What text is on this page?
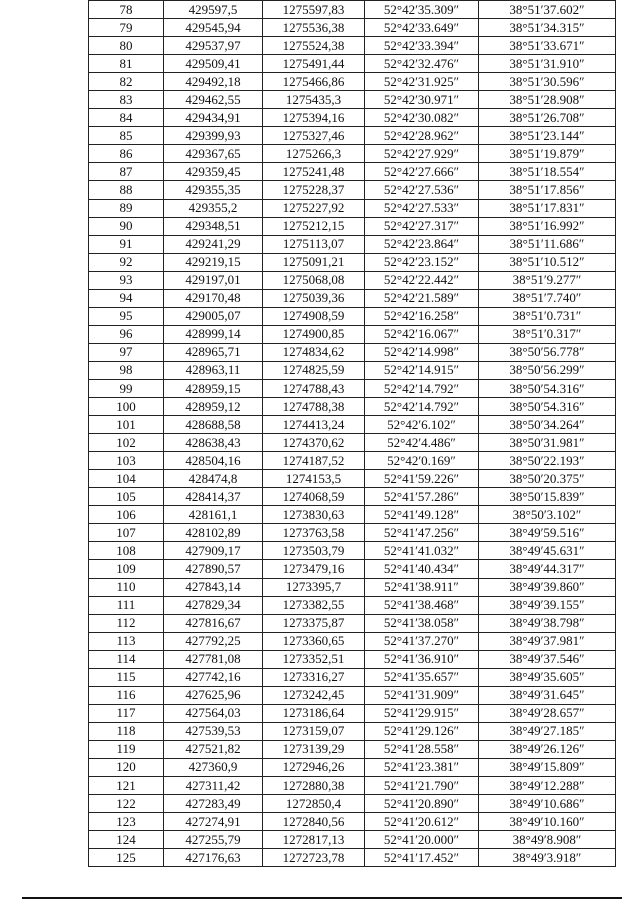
78	429597,5	1275597,83	52°42′35.309″	38°51′37.602″
79	429545,94	1275536,38	52°42′33.649″	38°51′34.315″
80	429537,97	1275524,38	52°42′33.394″	38°51′33.671″
81	429509,41	1275491,44	52°42′32.476″	38°51′31.910″
82	429492,18	1275466,86	52°42′31.925″	38°51′30.596″
83	429462,55	1275435,3	52°42′30.971″	38°51′28.908″
84	429434,91	1275394,16	52°42′30.082″	38°51′26.708″
85	429399,93	1275327,46	52°42′28.962″	38°51′23.144″
86	429367,65	1275266,3	52°42′27.929″	38°51′19.879″
87	429359,45	1275241,48	52°42′27.666″	38°51′18.554″
88	429355,35	1275228,37	52°42′27.536″	38°51′17.856″
89	429355,2	1275227,92	52°42′27.533″	38°51′17.831″
90	429348,51	1275212,15	52°42′27.317″	38°51′16.992″
91	429241,29	1275113,07	52°42′23.864″	38°51′11.686″
92	429219,15	1275091,21	52°42′23.152″	38°51′10.512″
93	429197,01	1275068,08	52°42′22.442″	38°51′9.277″
94	429170,48	1275039,36	52°42′21.589″	38°51′7.740″
95	429005,07	1274908,59	52°42′16.258″	38°51′0.731″
96	428999,14	1274900,85	52°42′16.067″	38°51′0.317″
97	428965,71	1274834,62	52°42′14.998″	38°50′56.778″
98	428963,11	1274825,59	52°42′14.915″	38°50′56.299″
99	428959,15	1274788,43	52°42′14.792″	38°50′54.316″
100	428959,12	1274788,38	52°42′14.792″	38°50′54.316″
101	428688,58	1274413,24	52°42′6.102″	38°50′34.264″
102	428638,43	1274370,62	52°42′4.486″	38°50′31.981″
103	428504,16	1274187,52	52°42′0.169″	38°50′22.193″
104	428474,8	1274153,5	52°41′59.226″	38°50′20.375″
105	428414,37	1274068,59	52°41′57.286″	38°50′15.839″
106	428161,1	1273830,63	52°41′49.128″	38°50′3.102″
107	428102,89	1273763,58	52°41′47.256″	38°49′59.516″
108	427909,17	1273503,79	52°41′41.032″	38°49′45.631″
109	427890,57	1273479,16	52°41′40.434″	38°49′44.317″
110	427843,14	1273395,7	52°41′38.911″	38°49′39.860″
111	427829,34	1273382,55	52°41′38.468″	38°49′39.155″
112	427816,67	1273375,87	52°41′38.058″	38°49′38.798″
113	427792,25	1273360,65	52°41′37.270″	38°49′37.981″
114	427781,08	1273352,51	52°41′36.910″	38°49′37.546″
115	427742,16	1273316,27	52°41′35.657″	38°49′35.605″
116	427625,96	1273242,45	52°41′31.909″	38°49′31.645″
117	427564,03	1273186,64	52°41′29.915″	38°49′28.657″
118	427539,53	1273159,07	52°41′29.126″	38°49′27.185″
119	427521,82	1273139,29	52°41′28.558″	38°49′26.126″
120	427360,9	1272946,26	52°41′23.381″	38°49′15.809″
121	427311,42	1272880,38	52°41′21.790″	38°49′12.288″
122	427283,49	1272850,4	52°41′20.890″	38°49′10.686″
123	427274,91	1272840,56	52°41′20.612″	38°49′10.160″
124	427255,79	1272817,13	52°41′20.000″	38°49′8.908″
125	427176,63	1272723,78	52°41′17.452″	38°49′3.918″
